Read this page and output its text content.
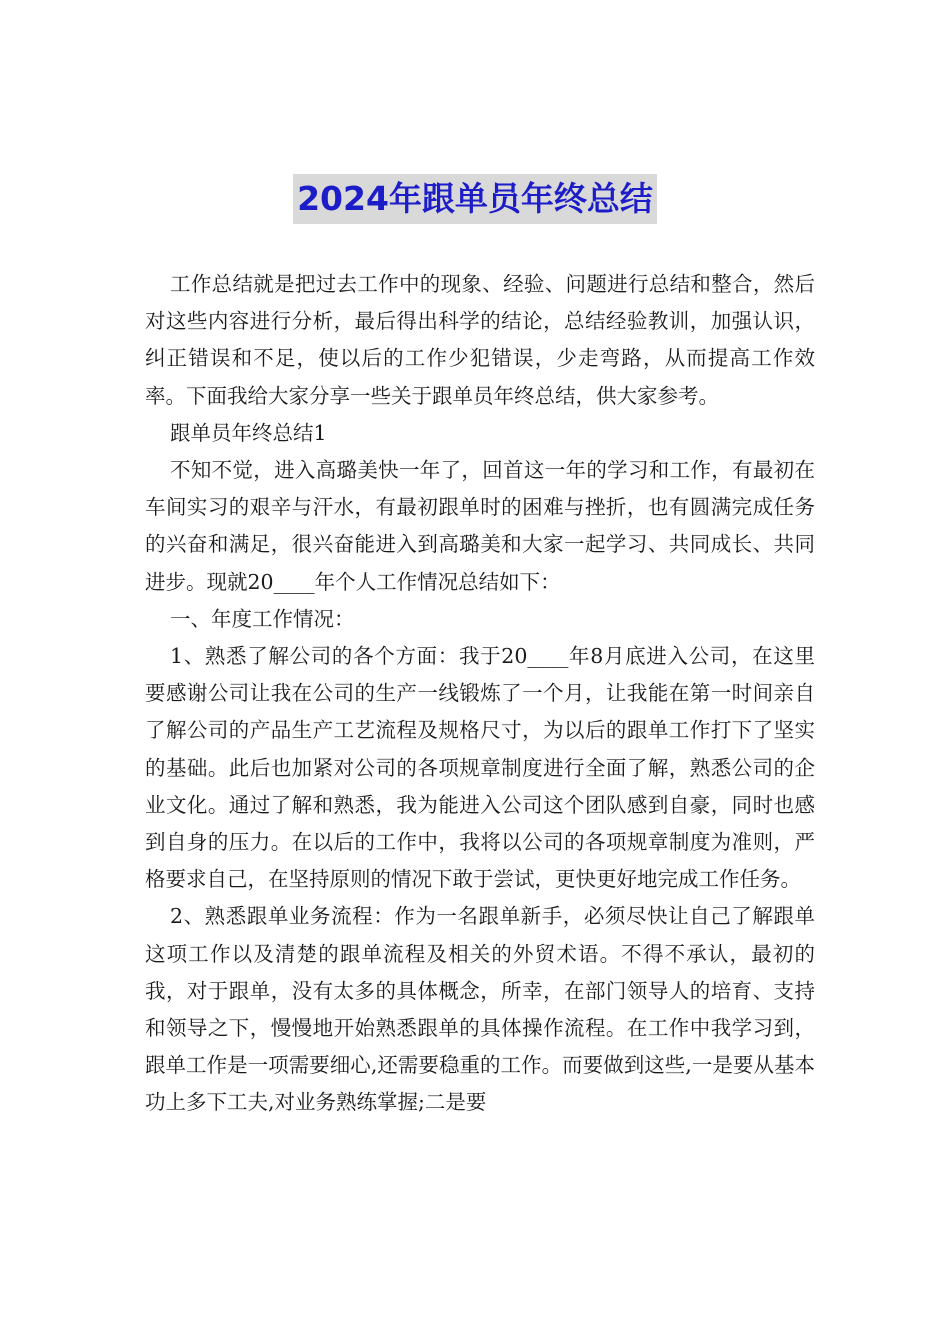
2024年跟单员年终总结

工作总结就是把过去工作中的现象、经验、问题进行总结和整合，然后对这些内容进行分析，最后得出科学的结论，总结经验教训，加强认识，纠正错误和不足，使以后的工作少犯错误，少走弯路，从而提高工作效率。下面我给大家分享一些关于跟单员年终总结，供大家参考。

跟单员年终总结1

不知不觉，进入高璐美快一年了，回首这一年的学习和工作，有最初在车间实习的艰辛与汗水，有最初跟单时的困难与挫折，也有圆满完成任务的兴奋和满足，很兴奋能进入到高璐美和大家一起学习、共同成长、共同进步。现就20____年个人工作情况总结如下：

一、年度工作情况：

1、熟悉了解公司的各个方面：我于20____年8月底进入公司，在这里要感谢公司让我在公司的生产一线锻炼了一个月，让我能在第一时间亲自了解公司的产品生产工艺流程及规格尺寸，为以后的跟单工作打下了坚实的基础。此后也加紧对公司的各项规章制度进行全面了解，熟悉公司的企业文化。通过了解和熟悉，我为能进入公司这个团队感到自豪，同时也感到自身的压力。在以后的工作中，我将以公司的各项规章制度为准则，严格要求自己，在坚持原则的情况下敢于尝试，更快更好地完成工作任务。

2、熟悉跟单业务流程：作为一名跟单新手，必须尽快让自己了解跟单这项工作以及清楚的跟单流程及相关的外贸术语。不得不承认，最初的我，对于跟单，没有太多的具体概念，所幸，在部门领导人的培育、支持和领导之下，慢慢地开始熟悉跟单的具体操作流程。在工作中我学习到，跟单工作是一项需要细心,还需要稳重的工作。而要做到这些,一是要从基本功上多下工夫,对业务熟练掌握;二是要
